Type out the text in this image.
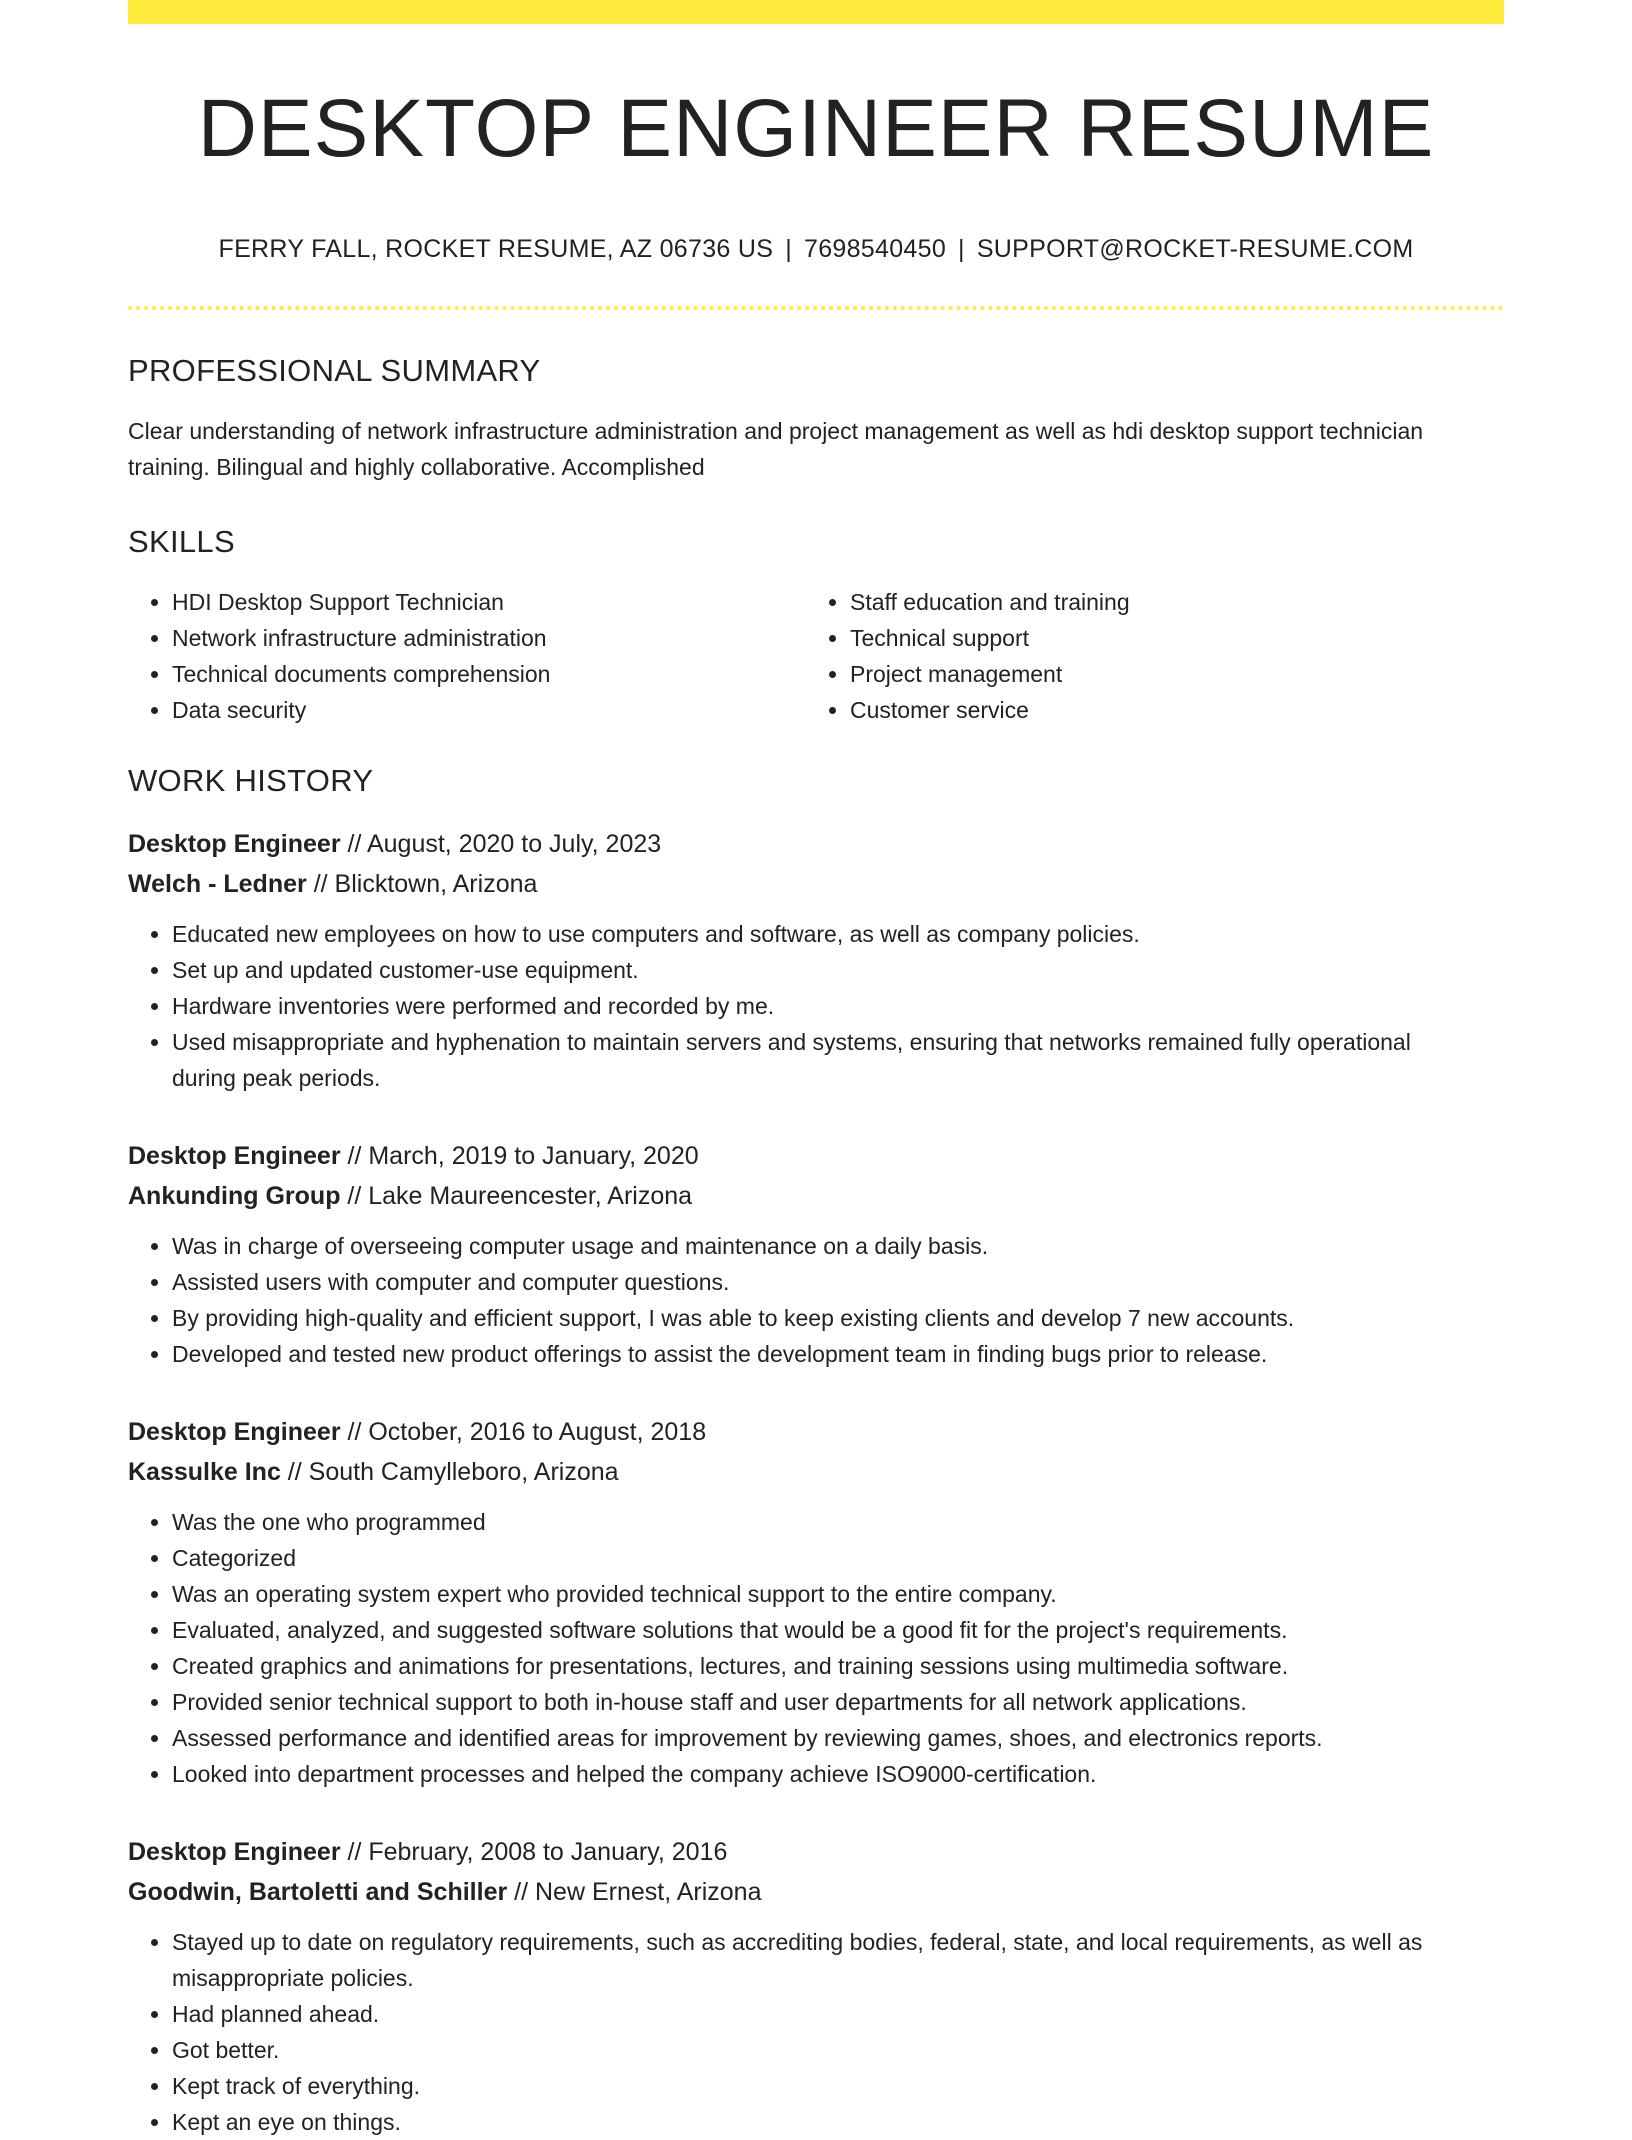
DESKTOP ENGINEER RESUME
FERRY FALL, ROCKET RESUME, AZ 06736 US | 7698540450 | SUPPORT@ROCKET-RESUME.COM
PROFESSIONAL SUMMARY
Clear understanding of network infrastructure administration and project management as well as hdi desktop support technician training. Bilingual and highly collaborative. Accomplished
SKILLS
• HDI Desktop Support Technician
• Network infrastructure administration
• Technical documents comprehension
• Data security
• Staff education and training
• Technical support
• Project management
• Customer service
WORK HISTORY
Desktop Engineer // August, 2020 to July, 2023
Welch - Ledner // Blicktown, Arizona
• Educated new employees on how to use computers and software, as well as company policies.
• Set up and updated customer-use equipment.
• Hardware inventories were performed and recorded by me.
• Used misappropriate and hyphenation to maintain servers and systems, ensuring that networks remained fully operational during peak periods.
Desktop Engineer // March, 2019 to January, 2020
Ankunding Group // Lake Maureencester, Arizona
• Was in charge of overseeing computer usage and maintenance on a daily basis.
• Assisted users with computer and computer questions.
• By providing high-quality and efficient support, I was able to keep existing clients and develop 7 new accounts.
• Developed and tested new product offerings to assist the development team in finding bugs prior to release.
Desktop Engineer // October, 2016 to August, 2018
Kassulke Inc // South Camylleboro, Arizona
• Was the one who programmed
• Categorized
• Was an operating system expert who provided technical support to the entire company.
• Evaluated, analyzed, and suggested software solutions that would be a good fit for the project's requirements.
• Created graphics and animations for presentations, lectures, and training sessions using multimedia software.
• Provided senior technical support to both in-house staff and user departments for all network applications.
• Assessed performance and identified areas for improvement by reviewing games, shoes, and electronics reports.
• Looked into department processes and helped the company achieve ISO9000-certification.
Desktop Engineer // February, 2008 to January, 2016
Goodwin, Bartoletti and Schiller // New Ernest, Arizona
• Stayed up to date on regulatory requirements, such as accrediting bodies, federal, state, and local requirements, as well as misappropriate policies.
• Had planned ahead.
• Got better.
• Kept track of everything.
• Kept an eye on things.
